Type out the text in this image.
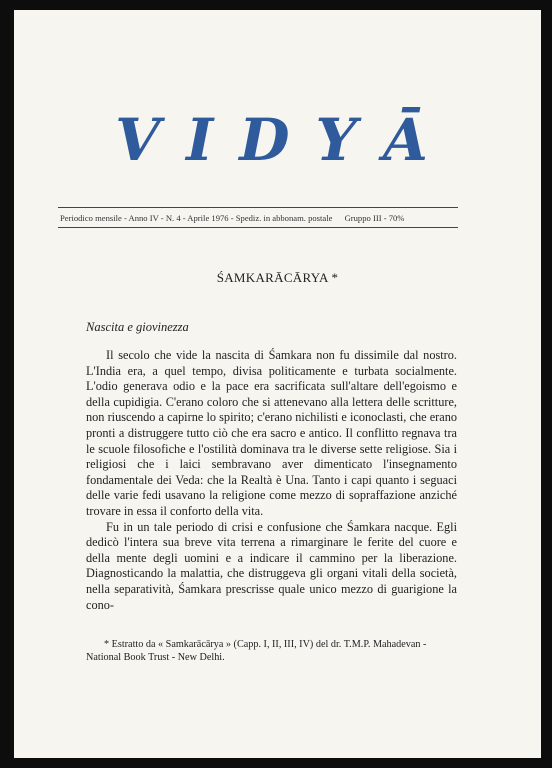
VIDYĀ
Periodico mensile - Anno IV - N. 4 - Aprile 1976 - Spediz. in abbonam. postale Gruppo III - 70%
ŚAMKARĀCĀRYA *
Nascita e giovinezza

Il secolo che vide la nascita di Śamkara non fu dissimile dal nostro. L'India era, a quel tempo, divisa politicamente e turbata socialmente. L'odio generava odio e la pace era sacrificata sull'altare dell'egoismo e della cupidigia. C'erano coloro che si attenevano alla lettera delle scritture, non riuscendo a capirne lo spirito; c'erano nichilisti e iconoclasti, che erano pronti a distruggere tutto ciò che era sacro e antico. Il conflitto regnava tra le scuole filosofiche e l'ostilità dominava tra le diverse sette religiose. Sia i religiosi che i laici sembravano aver dimenticato l'insegnamento fondamentale dei Veda: che la Realtà è Una. Tanto i capi quanto i seguaci delle varie fedi usavano la religione come mezzo di sopraffazione anziché trovare in essa il conforto della vita.

Fu in un tale periodo di crisi e confusione che Śamkara nacque. Egli dedicò l'intera sua breve vita terrena a rimarginare le ferite del cuore e della mente degli uomini e a indicare il cammino per la liberazione. Diagnosticando la malattia, che distruggeva gli organi vitali della società, nella separatività, Śamkara prescrisse quale unico mezzo di guarigione la cono-

* Estratto da « Samkarācārya » (Capp. I, II, III, IV) del dr. T.M.P. Mahadevan - National Book Trust - New Delhi.
